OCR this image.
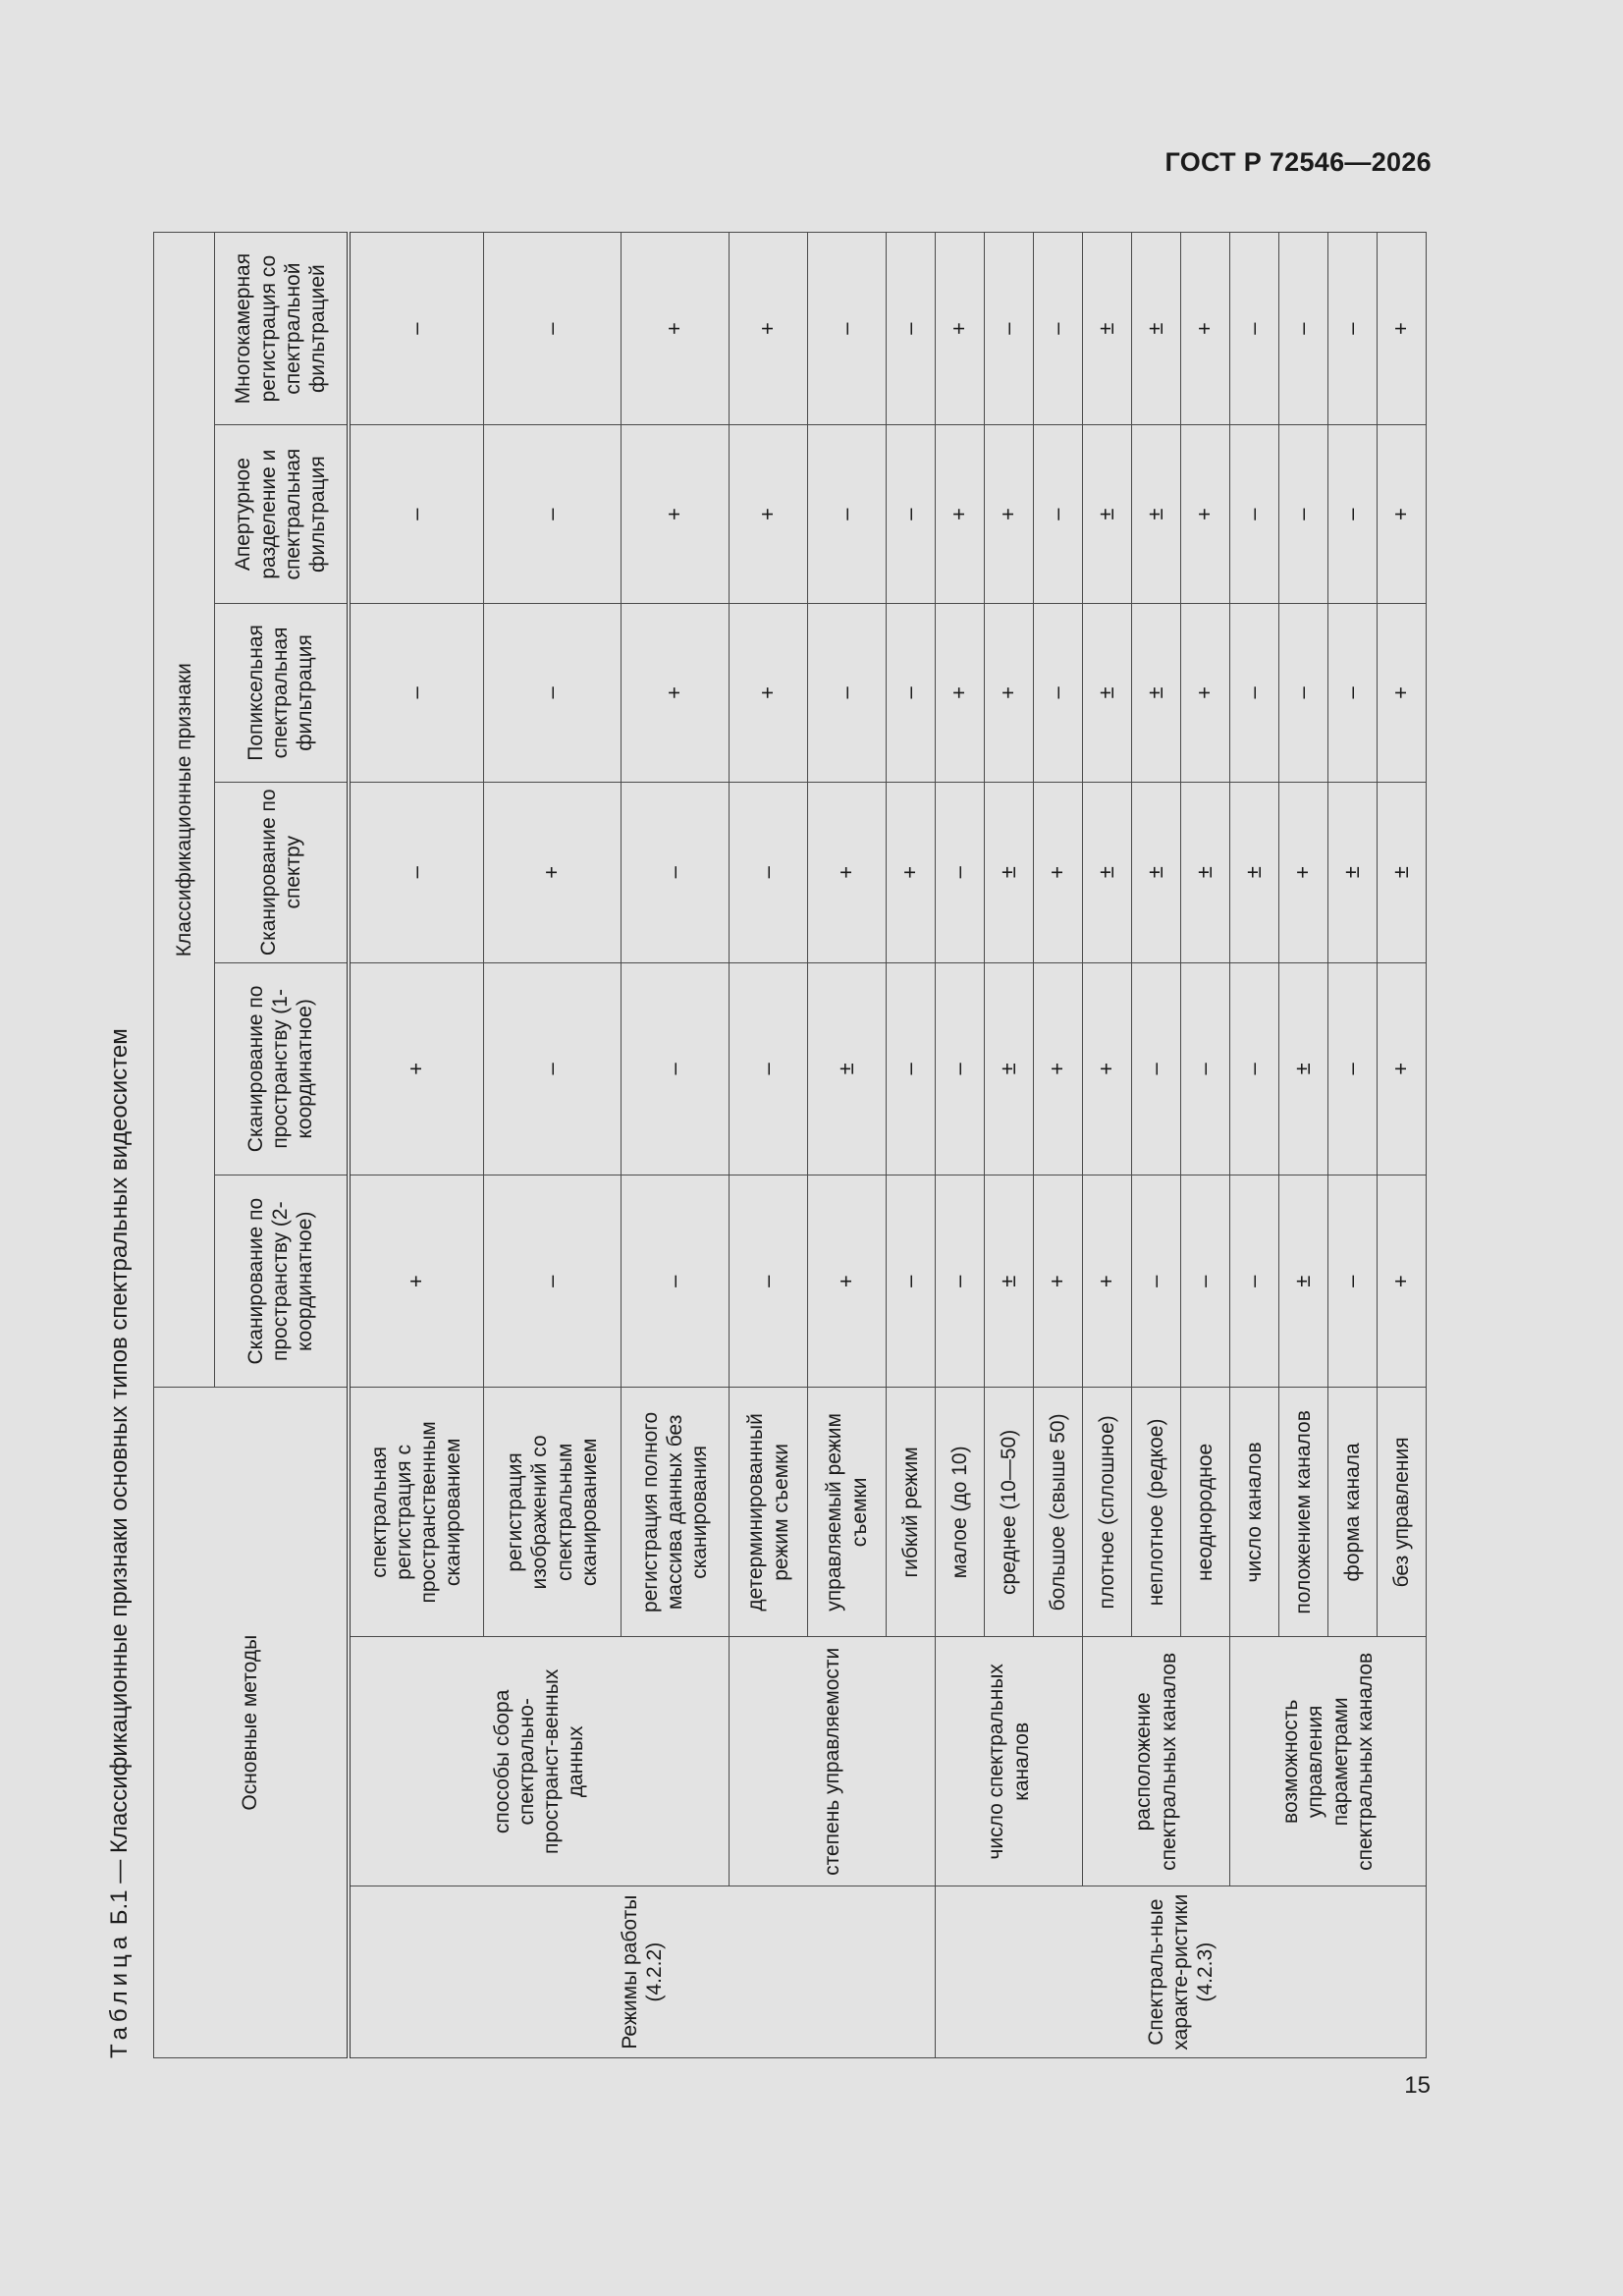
ГОСТ Р 72546—2026
Таблица Б.1 — Классификационные признаки основных типов спектральных видеосистем	Основные методы			Классификационные признаки					
			Сканирование по пространству (2-координатное)	Сканирование по пространству (1-координатное)	Сканирование по спектру	Попиксельная спектральная фильтрация	Апертурное разделение и спектральная фильтрация	Многокамерная регистрация со спектральной фильтрацией
Режимы работы (4.2.2)	способы сбора спектрально-пространст-венных данных	спектральная регистрация с пространственным сканированием	+	+	–	–	–	–
		регистрация изображений со спектральным сканированием	–	–	+	–	–	–
		регистрация полного массива данных без сканирования	–	–	–	+	+	+
	степень управляемости	детерминированный режим съемки	–	–	–	+	+	+
		управляемый режим съемки	+	±	+	–	–	–
		гибкий режим	–	–	+	–	–	–
Спектраль-ные характе-ристики (4.2.3)	число спектральных каналов	малое (до 10)	–	–	–	+	+	+
		среднее (10—50)	±	±	±	+	+	–
		большое (свыше 50)	+	+	+	–	–	–
	расположение спектральных каналов	плотное (сплошное)	+	+	±	±	±	±
		неплотное (редкое)	–	–	±	±	±	±
		неоднородное	–	–	±	+	+	+
	возможность управления параметрами спектральных каналов	число каналов	–	–	±	–	–	–
		положением каналов	±	±	+	–	–	–
		форма канала	–	–	±	–	–	–
		без управления	+	+	±	+	+	+
15
